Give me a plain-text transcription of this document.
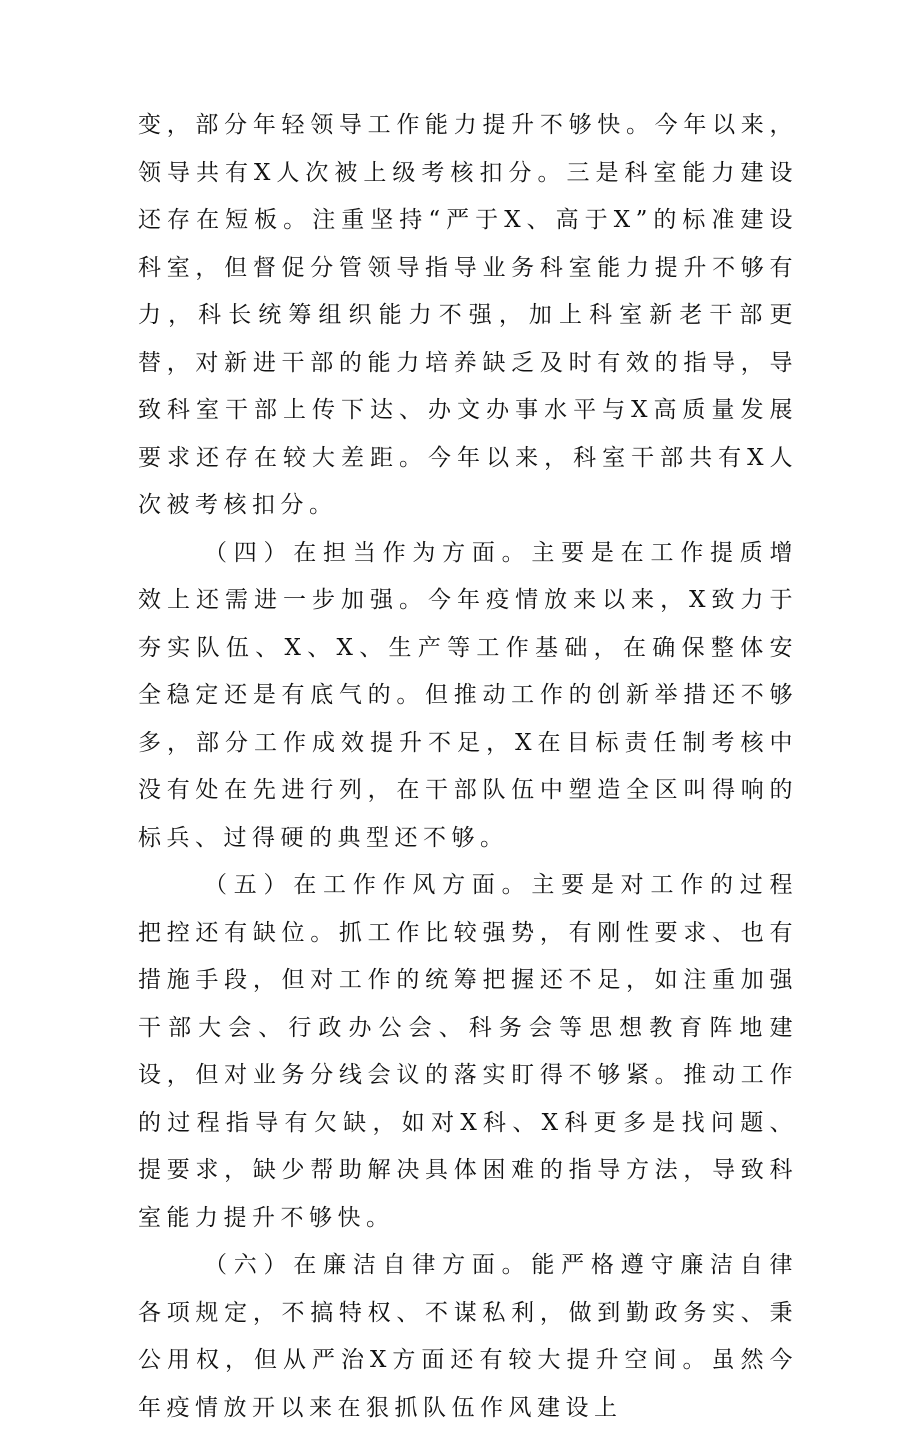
变，部分年轻领导工作能力提升不够快。今年以来，领导共有X人次被上级考核扣分。三是科室能力建设还存在短板。注重坚持“严于X、高于X”的标准建设科室，但督促分管领导指导业务科室能力提升不够有力，科长统筹组织能力不强，加上科室新老干部更替，对新进干部的能力培养缺乏及时有效的指导，导致科室干部上传下达、办文办事水平与X高质量发展要求还存在较大差距。今年以来，科室干部共有X人次被考核扣分。

（四）在担当作为方面。主要是在工作提质增效上还需进一步加强。今年疫情放来以来，X致力于夯实队伍、X、X、生产等工作基础，在确保整体安全稳定还是有底气的。但推动工作的创新举措还不够多，部分工作成效提升不足，X在目标责任制考核中没有处在先进行列，在干部队伍中塑造全区叫得响的标兵、过得硬的典型还不够。

（五）在工作作风方面。主要是对工作的过程把控还有缺位。抓工作比较强势，有刚性要求、也有措施手段，但对工作的统筹把握还不足，如注重加强干部大会、行政办公会、科务会等思想教育阵地建设，但对业务分线会议的落实盯得不够紧。推动工作的过程指导有欠缺，如对X科、X科更多是找问题、提要求，缺少帮助解决具体困难的指导方法，导致科室能力提升不够快。

（六）在廉洁自律方面。能严格遵守廉洁自律各项规定，不搞特权、不谋私利，做到勤政务实、秉公用权，但从严治X方面还有较大提升空间。虽然今年疫情放开以来在狠抓队伍作风建设上
